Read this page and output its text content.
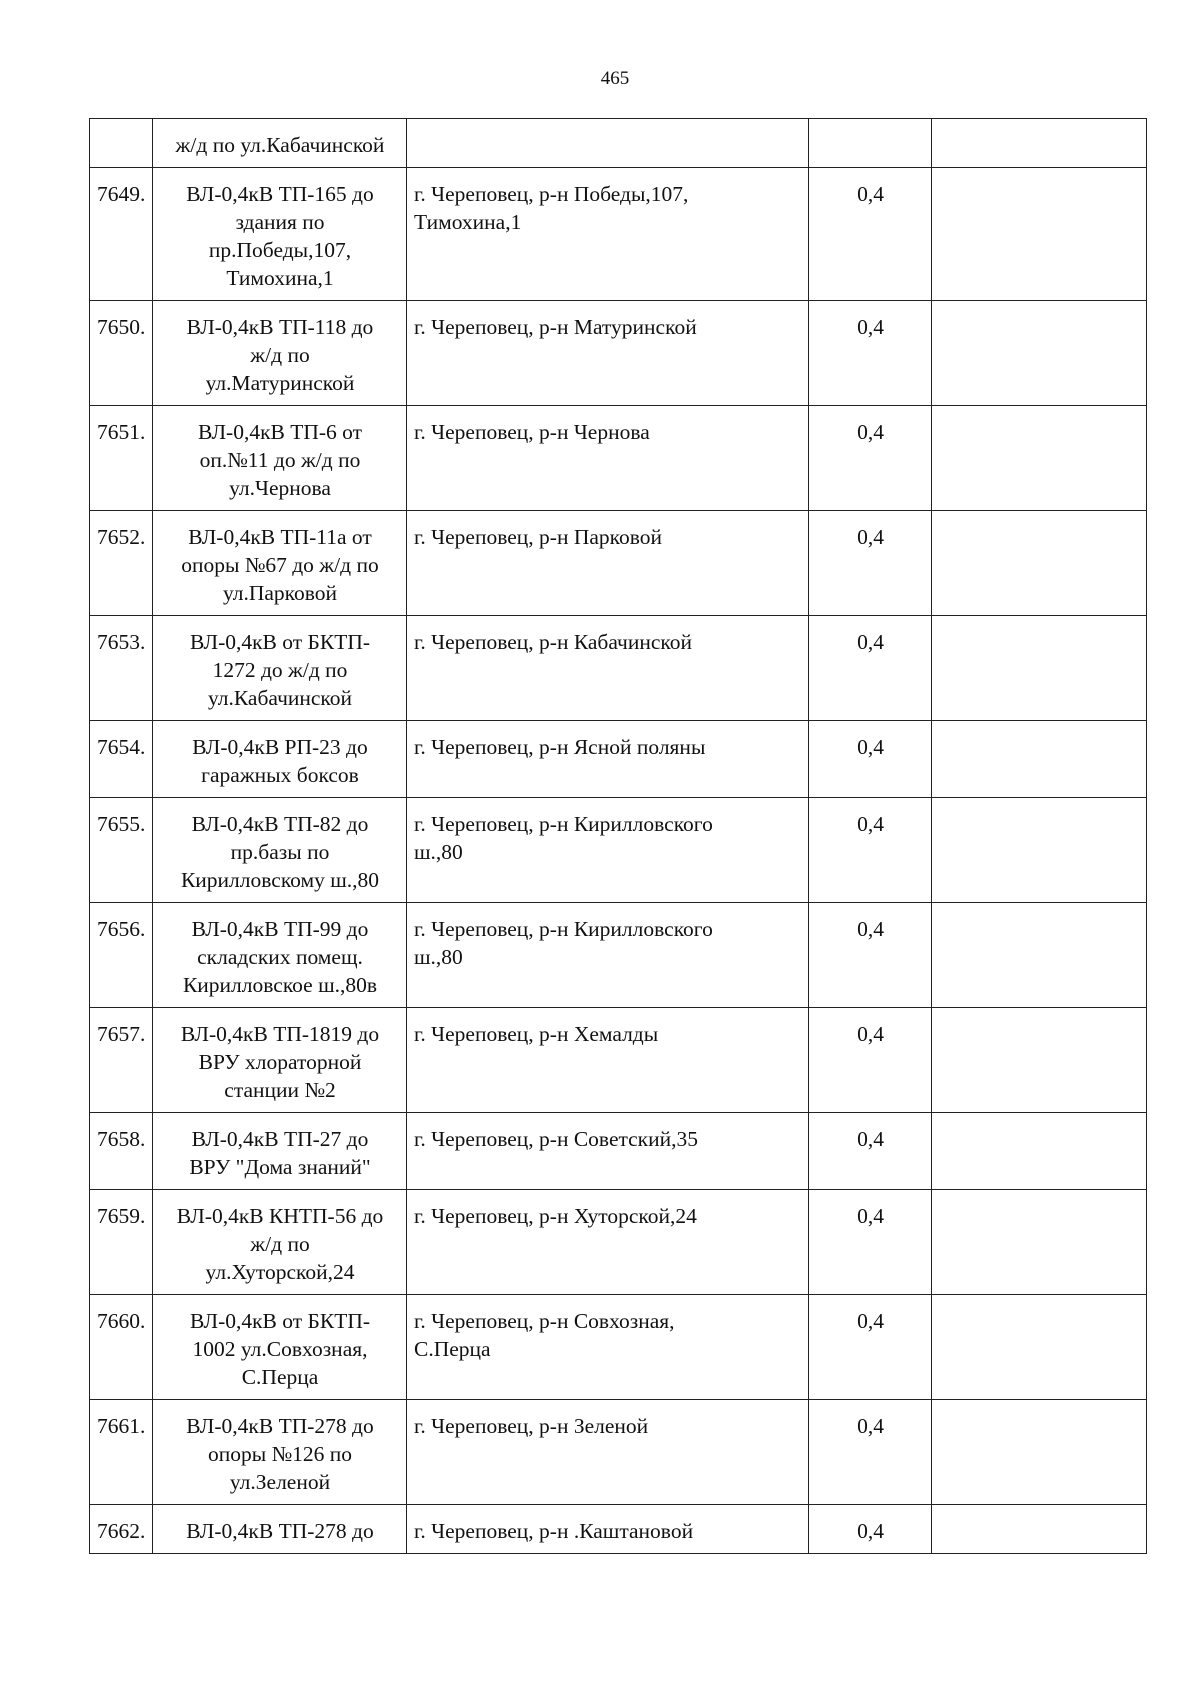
465
	ж/д по ул.Кабачинской			
7649.	ВЛ-0,4кВ ТП-165 до
здания по
пр.Победы,107,
Тимохина,1	г. Череповец, р-н Победы,107,
Тимохина,1	0,4	
7650.	ВЛ-0,4кВ ТП-118 до
ж/д по
ул.Матуринской	г. Череповец, р-н Матуринской	0,4	
7651.	ВЛ-0,4кВ ТП-6 от
оп.№11 до ж/д по
ул.Чернова	г. Череповец, р-н Чернова	0,4	
7652.	ВЛ-0,4кВ ТП-11а от
опоры №67 до ж/д по
ул.Парковой	г. Череповец, р-н Парковой	0,4	
7653.	ВЛ-0,4кВ от БКТП-
1272 до ж/д по
ул.Кабачинской	г. Череповец, р-н Кабачинской	0,4	
7654.	ВЛ-0,4кВ РП-23 до
гаражных боксов	г. Череповец, р-н Ясной поляны	0,4	
7655.	ВЛ-0,4кВ ТП-82 до
пр.базы по
Кирилловскому ш.,80	г. Череповец, р-н Кирилловского
ш.,80	0,4	
7656.	ВЛ-0,4кВ ТП-99 до
складских помещ.
Кирилловское ш.,80в	г. Череповец, р-н Кирилловского
ш.,80	0,4	
7657.	ВЛ-0,4кВ ТП-1819 до
ВРУ хлораторной
станции №2	г. Череповец, р-н Хемалды	0,4	
7658.	ВЛ-0,4кВ ТП-27 до
ВРУ "Дома знаний"	г. Череповец, р-н Советский,35	0,4	
7659.	ВЛ-0,4кВ КНТП-56 до
ж/д по
ул.Хуторской,24	г. Череповец, р-н Хуторской,24	0,4	
7660.	ВЛ-0,4кВ от БКТП-
1002 ул.Совхозная,
С.Перца	г. Череповец, р-н Совхозная,
С.Перца	0,4	
7661.	ВЛ-0,4кВ ТП-278 до
опоры №126 по
ул.Зеленой	г. Череповец, р-н Зеленой	0,4	
7662.	ВЛ-0,4кВ ТП-278 до	г. Череповец, р-н .Каштановой	0,4	
